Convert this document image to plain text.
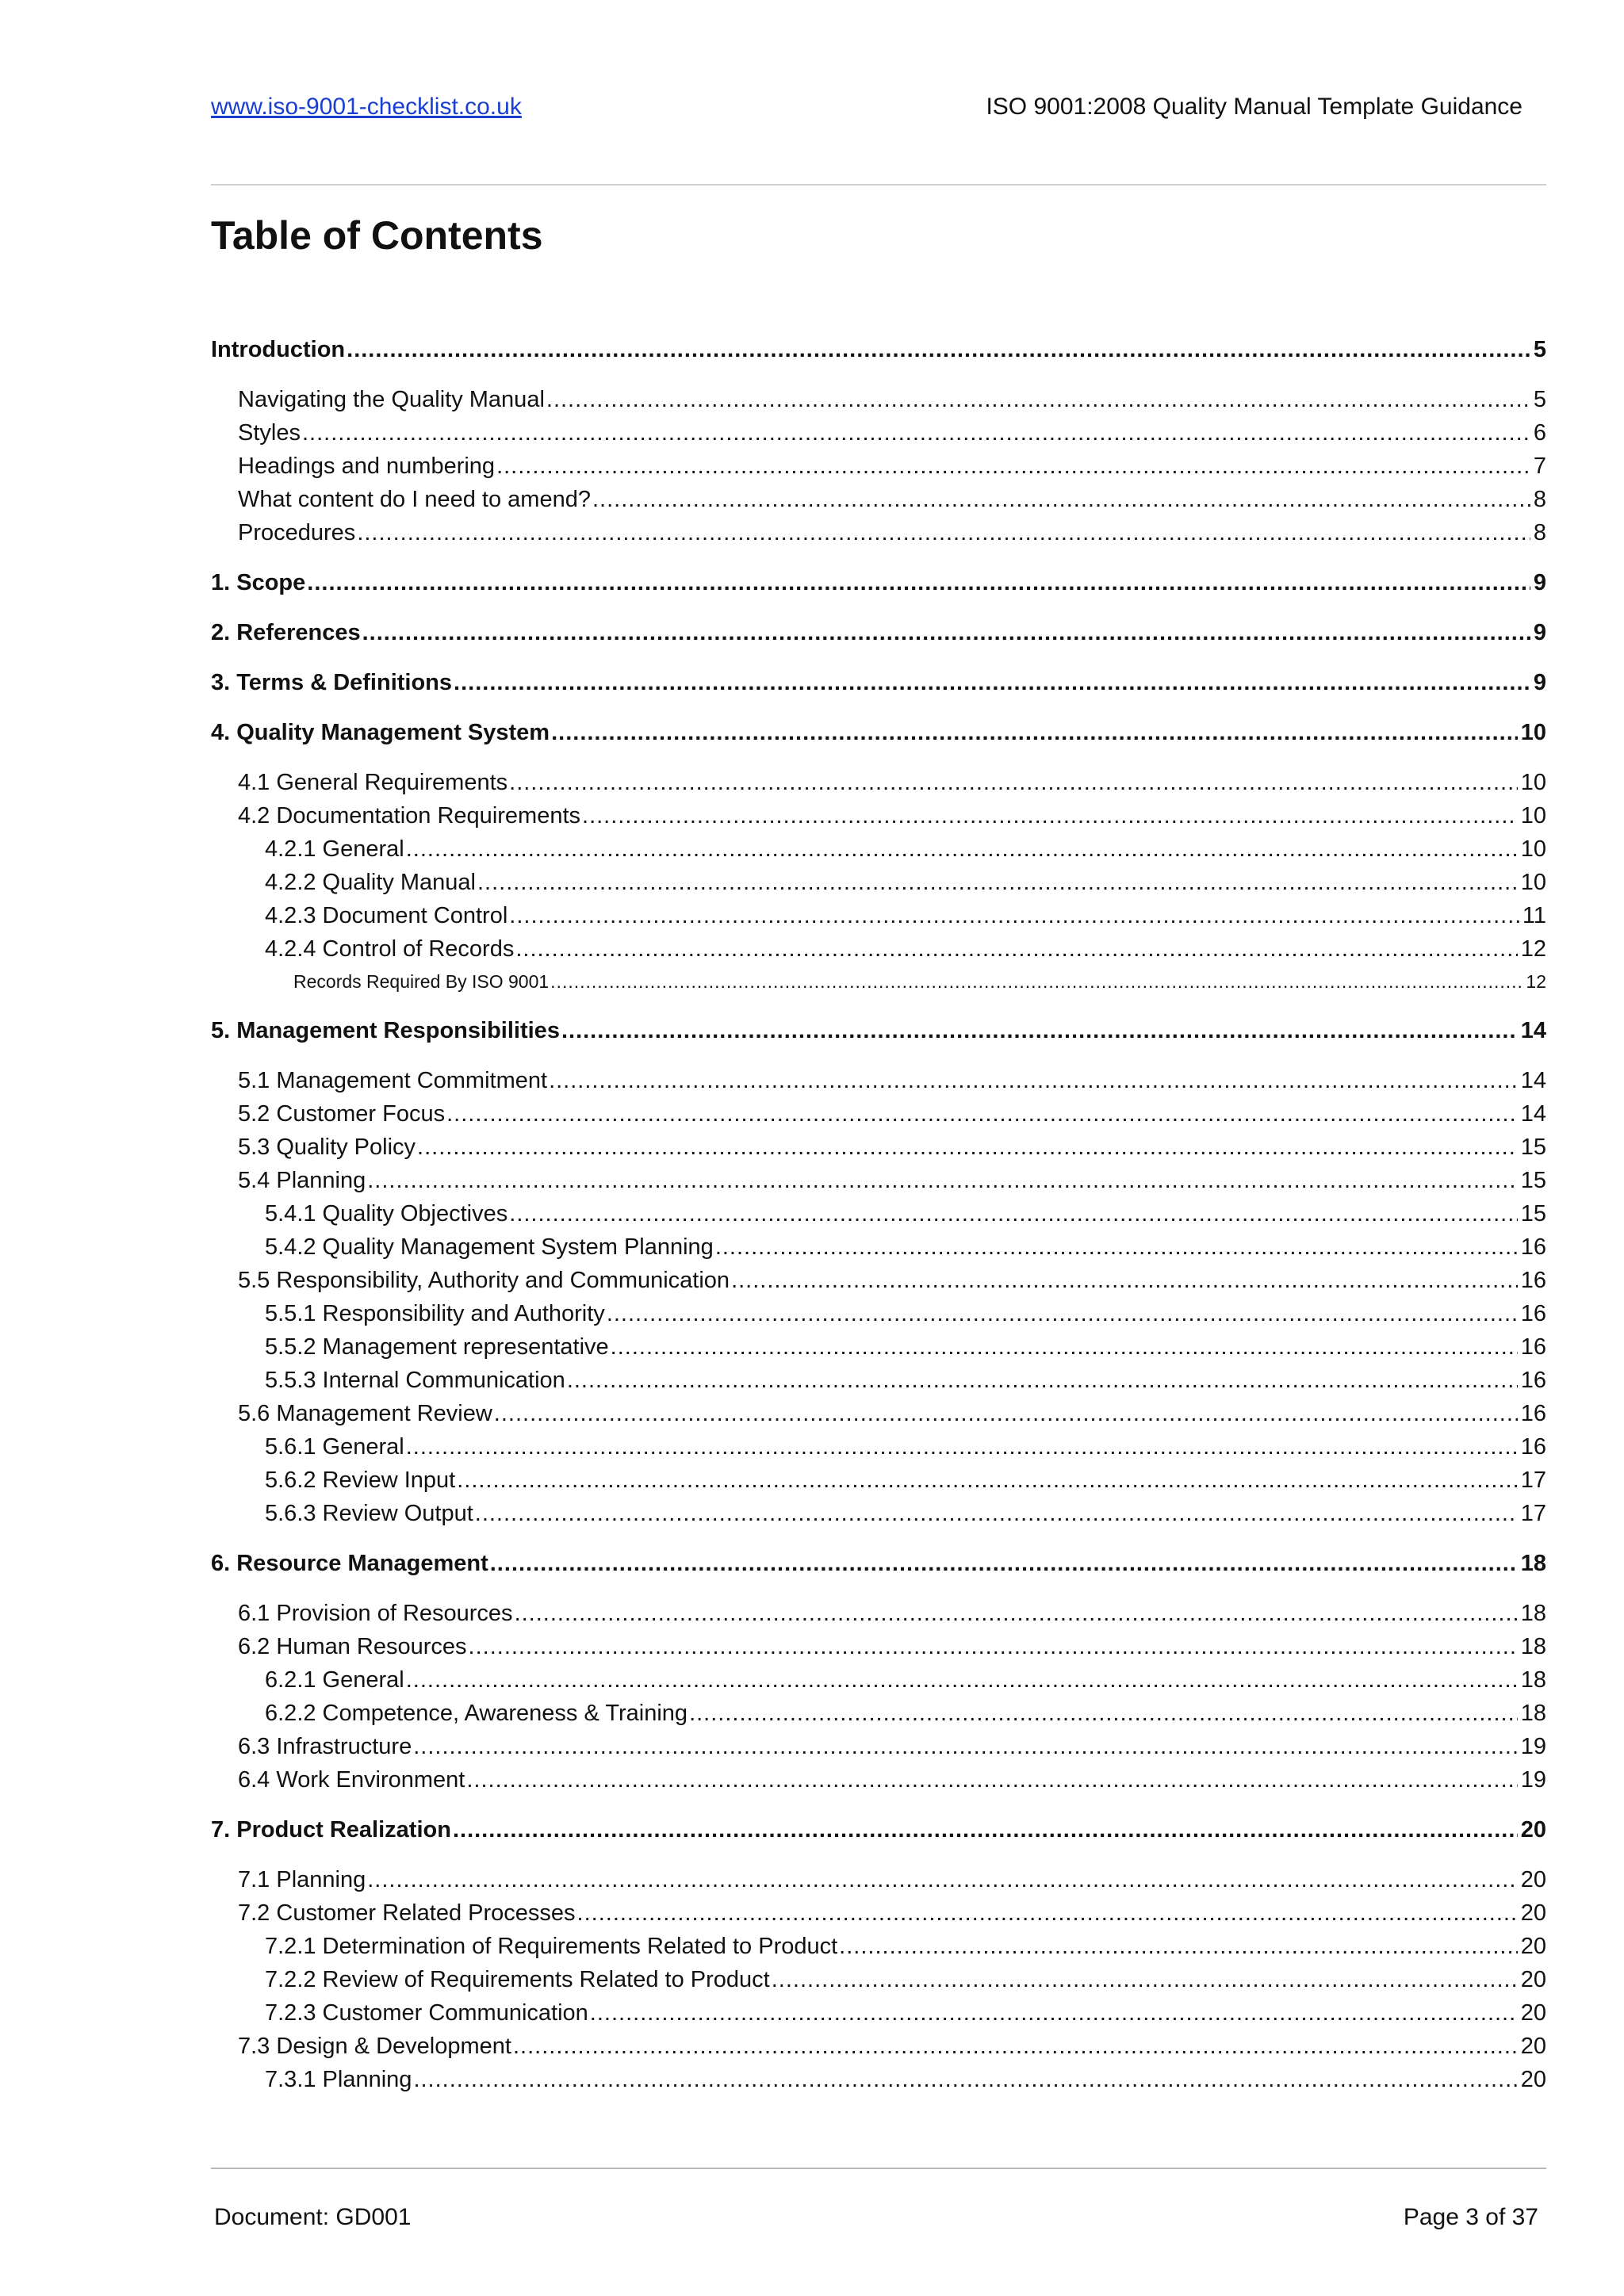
www.iso-9001-checklist.co.uk	ISO 9001:2008 Quality Manual Template Guidance
Table of Contents
Introduction .....	5
Navigating the Quality Manual .....	5
Styles .....	6
Headings and numbering .....	7
What content do I need to amend? .....	8
Procedures .....	8
1. Scope .....	9
2. References .....	9
3. Terms & Definitions .....	9
4. Quality Management System .....	10
4.1 General Requirements .....	10
4.2 Documentation Requirements .....	10
4.2.1 General .....	10
4.2.2 Quality Manual .....	10
4.2.3 Document Control .....	11
4.2.4 Control of Records .....	12
Records Required By ISO 9001 .....	12
5. Management Responsibilities .....	14
5.1 Management Commitment .....	14
5.2 Customer Focus .....	14
5.3 Quality Policy .....	15
5.4 Planning .....	15
5.4.1 Quality Objectives .....	15
5.4.2 Quality Management System Planning .....	16
5.5 Responsibility, Authority and Communication .....	16
5.5.1 Responsibility and Authority .....	16
5.5.2 Management representative .....	16
5.5.3 Internal Communication .....	16
5.6 Management Review .....	16
5.6.1 General .....	16
5.6.2 Review Input .....	17
5.6.3 Review Output .....	17
6. Resource Management .....	18
6.1 Provision of Resources .....	18
6.2 Human Resources .....	18
6.2.1 General .....	18
6.2.2 Competence, Awareness & Training .....	18
6.3 Infrastructure .....	19
6.4 Work Environment .....	19
7. Product Realization .....	20
7.1 Planning .....	20
7.2 Customer Related Processes .....	20
7.2.1 Determination of Requirements Related to Product .....	20
7.2.2 Review of Requirements Related to Product .....	20
7.2.3 Customer Communication .....	20
7.3 Design & Development .....	20
7.3.1 Planning .....	20
Document: GD001	Page 3 of 37
